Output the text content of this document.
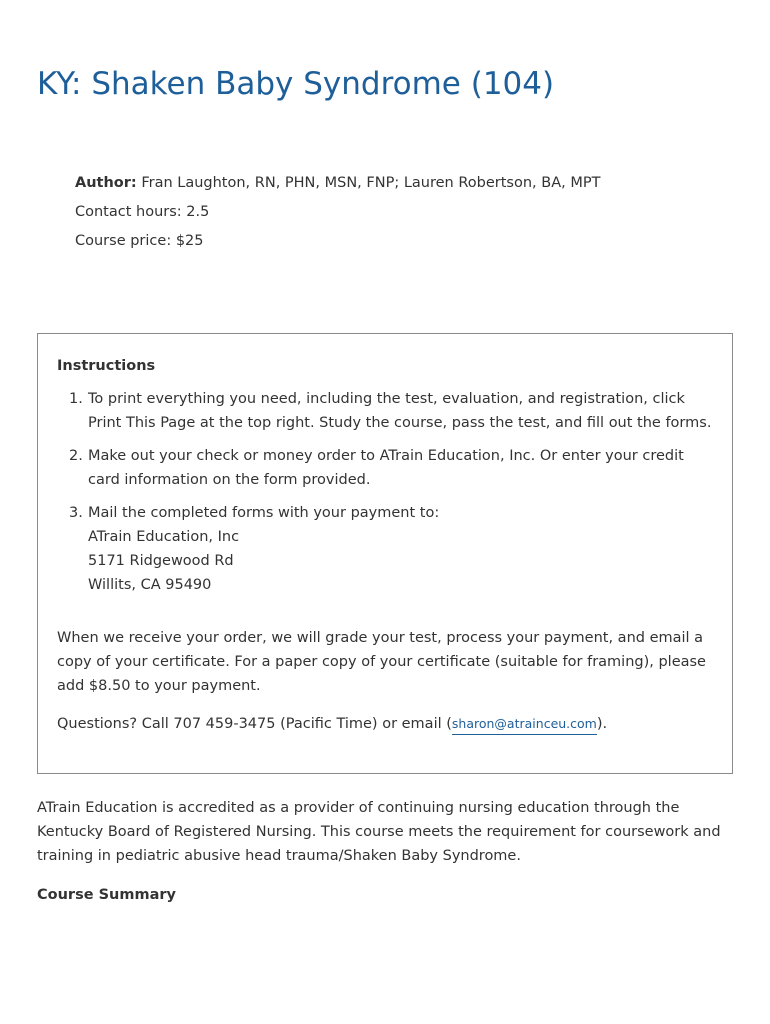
KY: Shaken Baby Syndrome (104)
Author: Fran Laughton, RN, PHN, MSN, FNP; Lauren Robertson, BA, MPT
Contact hours: 2.5
Course price: $25
Instructions
1. To print everything you need, including the test, evaluation, and registration, click Print This Page at the top right. Study the course, pass the test, and fill out the forms.
2. Make out your check or money order to ATrain Education, Inc. Or enter your credit card information on the form provided.
3. Mail the completed forms with your payment to:
ATrain Education, Inc
5171 Ridgewood Rd
Willits, CA 95490

When we receive your order, we will grade your test, process your payment, and email a copy of your certificate. For a paper copy of your certificate (suitable for framing), please add $8.50 to your payment.

Questions? Call 707 459-3475 (Pacific Time) or email (sharon@atrainceu.com).

ATrain Education is accredited as a provider of continuing nursing education through the Kentucky Board of Registered Nursing. This course meets the requirement for coursework and training in pediatric abusive head trauma/Shaken Baby Syndrome.

Course Summary
